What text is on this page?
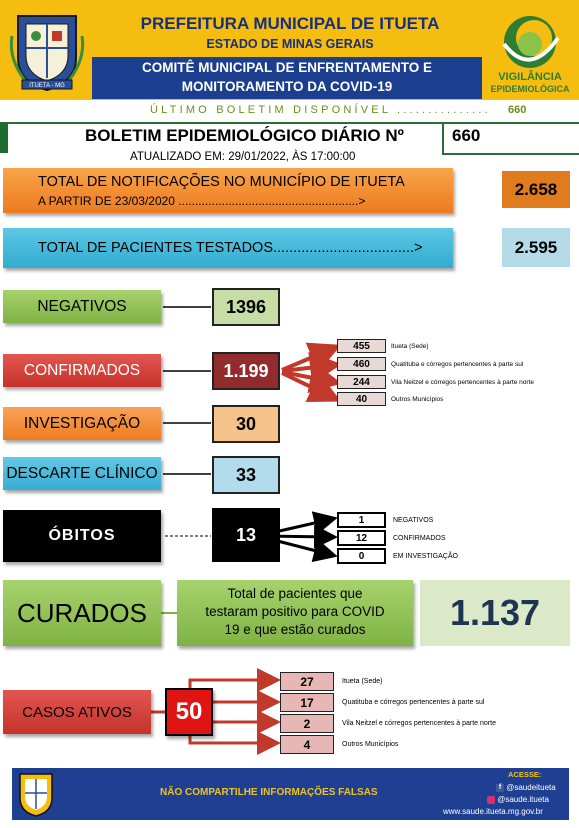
ITUETA - MG
PREFEITURA MUNICIPAL DE ITUETA
ESTADO DE MINAS GERAIS
COMITÊ MUNICIPAL DE ENFRENTAMENTO E
MONITORAMENTO DA COVID-19
VIGILÂNCIA
EPIDEMIOLÓGICA
ÚLTIMO BOLETIM DISPONÍVEL ...............	660
BOLETIM EPIDEMIOLÓGICO DIÁRIO Nº	660
ATUALIZADO EM: 29/01/2022, ÀS 17:00:00
TOTAL DE NOTIFICAÇÕES NO MUNICÍPIO DE ITUETA
A PARTIR DE 23/03/2020 ......................................................>
2.658
TOTAL DE PACIENTES TESTADOS...................................>	2.595
NEGATIVOS	1396
CONFIRMADOS	1.199
455	Itueta (Sede)
460	Quatituba e córregos pertencentes à parte sul
244	Vila Neitzel e córregos pertencentes à parte norte
40	Outros Municípios
INVESTIGAÇÃO	30
DESCARTE CLÍNICO	33
ÓBITOS	13
1	NEGATIVOS
12	CONFIRMADOS
0	EM INVESTIGAÇÃO
CURADOS
Total de pacientes que
testaram positivo para COVID
19 e que estão curados	1.137
CASOS ATIVOS	50
27	Itueta (Sede)
17	Quatituba e córregos pertencentes à parte sul
2	Vila Neitzel e córregos pertencentes à parte norte
4	Outros Municípios
NÃO COMPARTILHE INFORMAÇÕES FALSAS
ACESSE:
f @saudeitueta
@saude.itueta
www.saude.itueta.mg.gov.br
